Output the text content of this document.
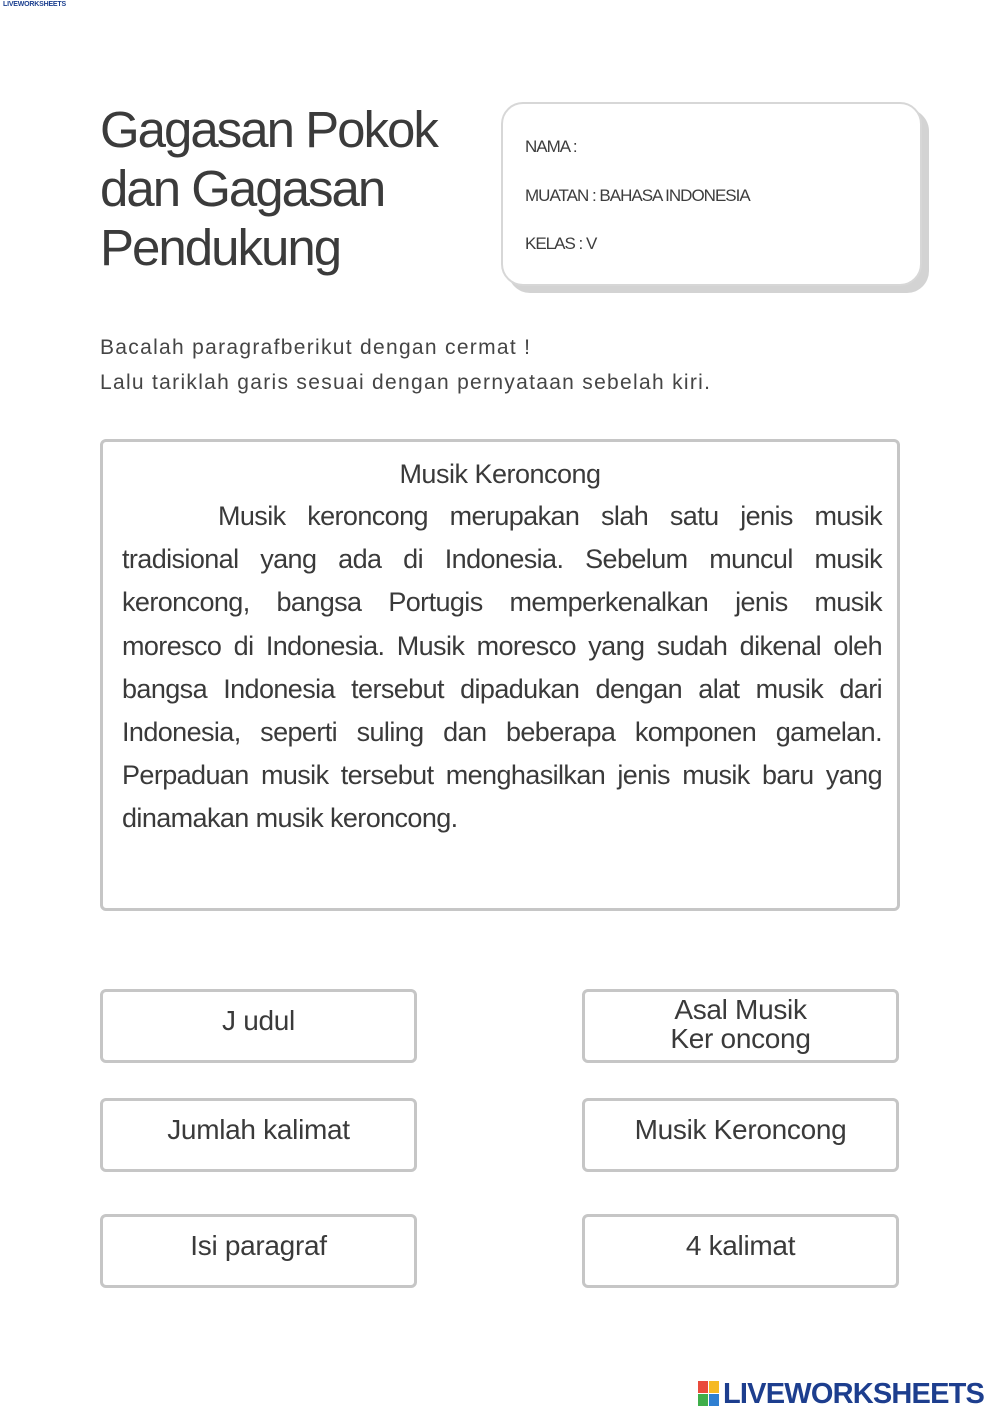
LIVEWORKSHEETS
Gagasan Pokok
dan Gagasan
Pendukung
NAMA :
MUATAN : BAHASA INDONESIA
KELAS : V
Bacalah paragrafberikut dengan cermat !
Lalu tariklah garis sesuai dengan pernyataan sebelah kiri.
Musik Keroncong
Musik keroncong merupakan slah satu jenis musik tradisional yang ada di Indonesia. Sebelum muncul musik keroncong, bangsa Portugis memperkenalkan jenis musik moresco di Indonesia. Musik moresco yang sudah dikenal oleh bangsa Indonesia tersebut dipadukan dengan alat musik dari Indonesia, seperti suling dan beberapa komponen gamelan. Perpaduan musik tersebut menghasilkan jenis musik baru yang dinamakan musik keroncong.
J udul
Jumlah kalimat
Isi paragraf
Asal Musik
Ker oncong
Musik Keroncong
4 kalimat
LIVEWORKSHEETS
